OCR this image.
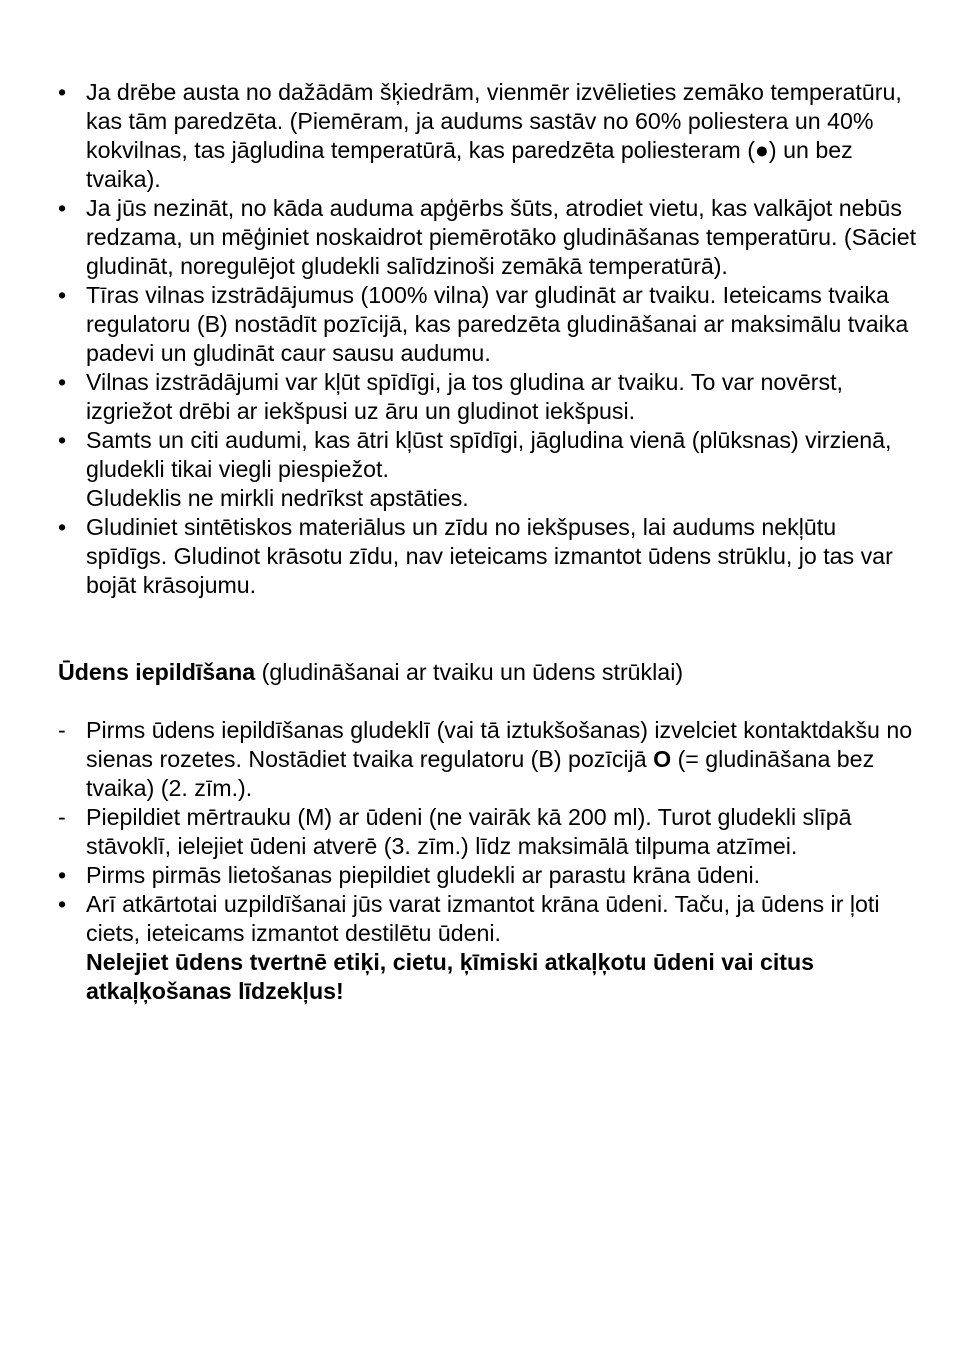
• Ja drēbe austa no dažādām šķiedrām, vienmēr izvēlieties zemāko temperatūru, kas tām paredzēta. (Piemēram, ja audums sastāv no 60% poliestera un 40% kokvilnas, tas jāgludina temperatūrā, kas paredzēta poliesteram (●) un bez tvaika).
• Ja jūs nezināt, no kāda auduma apģērbs šūts, atrodiet vietu, kas valkājot nebūs redzama, un mēģiniet noskaidrot piemērotāko gludināšanas temperatūru. (Sāciet gludināt, noregulējot gludekli salīdzinoši zemākā temperatūrā).
• Tīras vilnas izstrādājumus (100% vilna) var gludināt ar tvaiku. Ieteicams tvaika regulatoru (B) nostādīt pozīcijā, kas paredzēta gludināšanai ar maksimālu tvaika padevi un gludināt caur sausu audumu.
• Vilnas izstrādājumi var kļūt spīdīgi, ja tos gludina ar tvaiku. To var novērst, izgriežot drēbi ar iekšpusi uz āru un gludinot iekšpusi.
• Samts un citi audumi, kas ātri kļūst spīdīgi, jāgludina vienā (plūksnas) virzienā, gludekli tikai viegli piespiežot.
Gludeklis ne mirkli nedrīkst apstāties.
• Gludiniet sintētiskos materiālus un zīdu no iekšpuses, lai audums nekļūtu spīdīgs. Gludinot krāsotu zīdu, nav ieteicams izmantot ūdens strūklu, jo tas var bojāt krāsojumu.
Ūdens iepildīšana (gludināšanai ar tvaiku un ūdens strūklai)
- Pirms ūdens iepildīšanas gludeklī (vai tā iztukšošanas) izvelciet kontaktdakšu no sienas rozetes. Nostādiet tvaika regulatoru (B) pozīcijā O (= gludināšana bez tvaika) (2. zīm.).
- Piepildiet mērtrauku (M) ar ūdeni (ne vairāk kā 200 ml). Turot gludekli slīpā stāvoklī, ielejiet ūdeni atverē (3. zīm.) līdz maksimālā tilpuma atzīmei.
• Pirms pirmās lietošanas piepildiet gludekli ar parastu krāna ūdeni.
• Arī atkārtotai uzpildīšanai jūs varat izmantot krāna ūdeni. Taču, ja ūdens ir ļoti ciets, ieteicams izmantot destilētu ūdeni.
Nelejiet ūdens tvertnē etiķi, cietu, ķīmiski atkaļķotu ūdeni vai citus atkaļķošanas līdzekļus!
